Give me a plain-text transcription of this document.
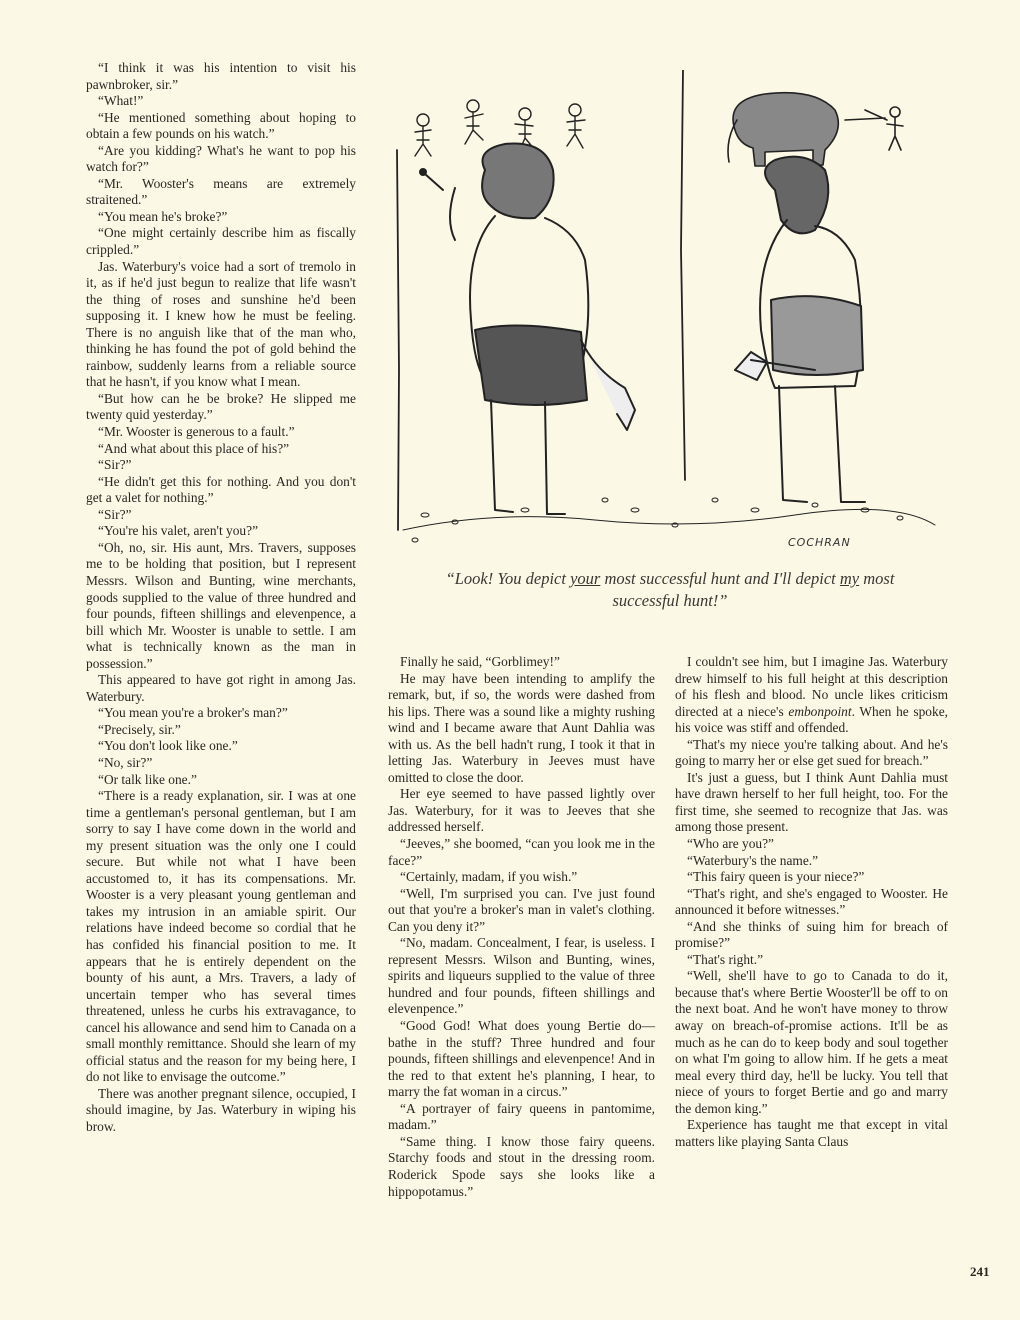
“I think it was his intention to visit his pawnbroker, sir.”

“What!”

“He mentioned something about hoping to obtain a few pounds on his watch.”

“Are you kidding? What's he want to pop his watch for?”

“Mr. Wooster's means are extremely straitened.”

“You mean he's broke?”

“One might certainly describe him as fiscally crippled.”

Jas. Waterbury's voice had a sort of tremolo in it, as if he'd just begun to realize that life wasn't the thing of roses and sunshine he'd been supposing it. I knew how he must be feeling. There is no anguish like that of the man who, thinking he has found the pot of gold behind the rainbow, suddenly learns from a reliable source that he hasn't, if you know what I mean.

“But how can he be broke? He slipped me twenty quid yesterday.”

“Mr. Wooster is generous to a fault.”

“And what about this place of his?”

“Sir?”

“He didn't get this for nothing. And you don't get a valet for nothing.”

“Sir?”

“You're his valet, aren't you?”

“Oh, no, sir. His aunt, Mrs. Travers, supposes me to be holding that position, but I represent Messrs. Wilson and Bunting, wine merchants, goods supplied to the value of three hundred and four pounds, fifteen shillings and elevenpence, a bill which Mr. Wooster is unable to settle. I am what is technically known as the man in possession.”

This appeared to have got right in among Jas. Waterbury.

“You mean you're a broker's man?”

“Precisely, sir.”

“You don't look like one.”

“No, sir?”

“Or talk like one.”

“There is a ready explanation, sir. I was at one time a gentleman's personal gentleman, but I am sorry to say I have come down in the world and my present situation was the only one I could secure. But while not what I have been accustomed to, it has its compensations. Mr. Wooster is a very pleasant young gentleman and takes my intrusion in an amiable spirit. Our relations have indeed become so cordial that he has confided his financial position to me. It appears that he is entirely dependent on the bounty of his aunt, a Mrs. Travers, a lady of uncertain temper who has several times threatened, unless he curbs his extravagance, to cancel his allowance and send him to Canada on a small monthly remittance. Should she learn of my official status and the reason for my being here, I do not like to envisage the outcome.”

There was another pregnant silence, occupied, I should imagine, by Jas. Waterbury in wiping his brow.

COCHRAN
“Look! You depict your most successful hunt and I'll depict my most successful hunt!”

Finally he said, “Gorblimey!”

He may have been intending to amplify the remark, but, if so, the words were dashed from his lips. There was a sound like a mighty rushing wind and I became aware that Aunt Dahlia was with us. As the bell hadn't rung, I took it that in letting Jas. Waterbury in Jeeves must have omitted to close the door.

Her eye seemed to have passed lightly over Jas. Waterbury, for it was to Jeeves that she addressed herself.

“Jeeves,” she boomed, “can you look me in the face?”

“Certainly, madam, if you wish.”

“Well, I'm surprised you can. I've just found out that you're a broker's man in valet's clothing. Can you deny it?”

“No, madam. Concealment, I fear, is useless. I represent Messrs. Wilson and Bunting, wines, spirits and liqueurs supplied to the value of three hundred and four pounds, fifteen shillings and elevenpence.”

“Good God! What does young Bertie do—bathe in the stuff? Three hundred and four pounds, fifteen shillings and elevenpence! And in the red to that extent he's planning, I hear, to marry the fat woman in a circus.”

“A portrayer of fairy queens in pantomime, madam.”

“Same thing. I know those fairy queens. Starchy foods and stout in the dressing room. Roderick Spode says she looks like a hippopotamus.”

I couldn't see him, but I imagine Jas. Waterbury drew himself to his full height at this description of his flesh and blood. No uncle likes criticism directed at a niece's embonpoint. When he spoke, his voice was stiff and offended.

“That's my niece you're talking about. And he's going to marry her or else get sued for breach.”

It's just a guess, but I think Aunt Dahlia must have drawn herself to her full height, too. For the first time, she seemed to recognize that Jas. was among those present.

“Who are you?”

“Waterbury's the name.”

“This fairy queen is your niece?”

“That's right, and she's engaged to Wooster. He announced it before witnesses.”

“And she thinks of suing him for breach of promise?”

“That's right.”

“Well, she'll have to go to Canada to do it, because that's where Bertie Wooster'll be off to on the next boat. And he won't have money to throw away on breach-of-promise actions. It'll be as much as he can do to keep body and soul together on what I'm going to allow him. If he gets a meat meal every third day, he'll be lucky. You tell that niece of yours to forget Bertie and go and marry the demon king.”

Experience has taught me that except in vital matters like playing Santa Claus

241
